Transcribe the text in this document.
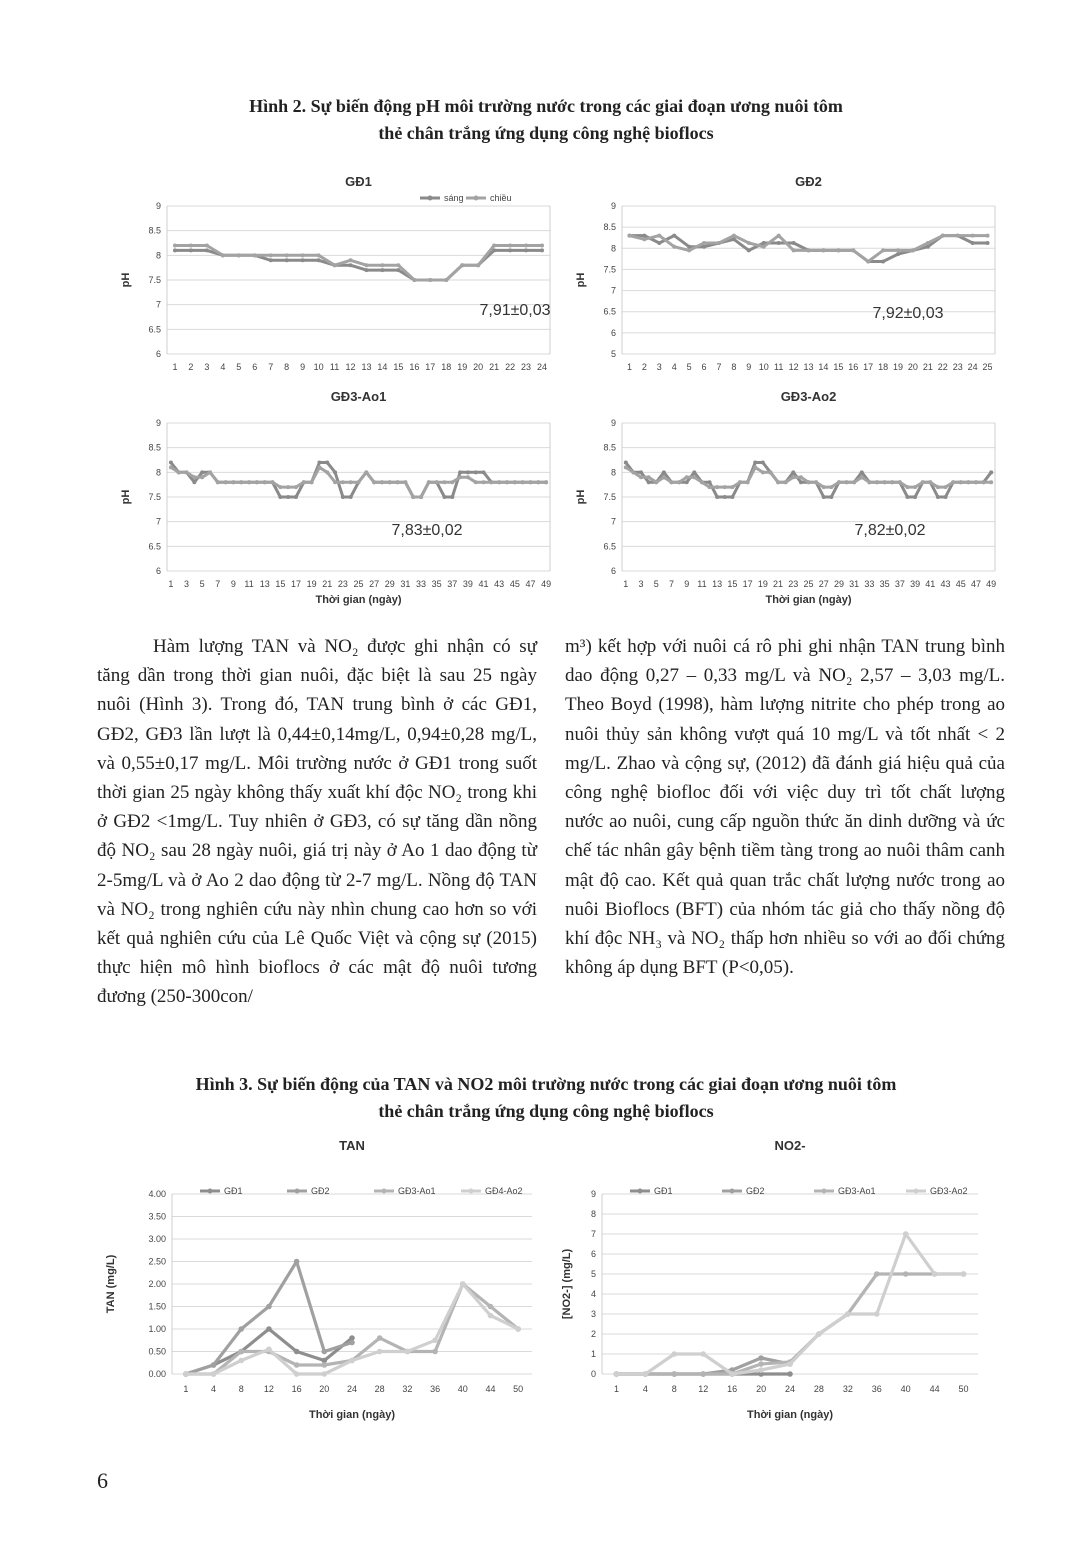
Hình 2. Sự biến động pH môi trường nước trong các giai đoạn ương nuôi tôm
thẻ chân trắng ứng dụng công nghệ bioflocs
GĐ1
9
8.5
8
7.5
7
6.5
6
1 2 3 4 5 6 7 8 9 10 11 12 13 14 15 16 17 18 19 20 21 22 23 24
pH
sáng	chiều
7,91±0,03
GĐ2
9
8.5
8
7.5
7
6.5
6
5
1 2 3 4 5 6 7 8 9 10 11 12 13 14 15 16 17 18 19 20 21 22 23 24 25
pH
7,92±0,03
GĐ3-Ao1
9
8.5
8
7.5
7
6.5
6
1 3 5 7 9 11 13 15 17 19 21 23 25 27 29 31 33 35 37 39 41 43 45 47 49
pH
Thời gian (ngày)
7,83±0,02
GĐ3-Ao2
9
8.5
8
7.5
7
6.5
6
1 3 5 7 9 11 13 15 17 19 21 23 25 27 29 31 33 35 37 39 41 43 45 47 49
pH
Thời gian (ngày)
7,82±0,02

Hàm lượng TAN và NO₂ được ghi nhận có sự tăng dần trong thời gian nuôi, đặc biệt là sau 25 ngày nuôi (Hình 3). Trong đó, TAN trung bình ở các GĐ1, GĐ2, GĐ3 lần lượt là 0,44±0,14mg/L, 0,94±0,28 mg/L, và 0,55±0,17 mg/L. Môi trường nước ở GĐ1 trong suốt thời gian 25 ngày không thấy xuất khí độc NO₂ trong khi ở GĐ2 <1mg/L. Tuy nhiên ở GĐ3, có sự tăng dần nồng độ NO₂ sau 28 ngày nuôi, giá trị này ở Ao 1 dao động từ 2-5mg/L và ở Ao 2 dao động từ 2-7 mg/L. Nồng độ TAN và NO₂ trong nghiên cứu này nhìn chung cao hơn so với kết quả nghiên cứu của Lê Quốc Việt và cộng sự (2015) thực hiện mô hình bioflocs ở các mật độ nuôi tương đương (250-300con/

m³) kết hợp với nuôi cá rô phi ghi nhận TAN trung bình dao động 0,27 – 0,33 mg/L và NO₂ 2,57 – 3,03 mg/L. Theo Boyd (1998), hàm lượng nitrite cho phép trong ao nuôi thủy sản không vượt quá 10 mg/L và tốt nhất < 2 mg/L. Zhao và cộng sự, (2012) đã đánh giá hiệu quả của công nghệ biofloc đối với việc duy trì tốt chất lượng nước ao nuôi, cung cấp nguồn thức ăn dinh dưỡng và ức chế tác nhân gây bệnh tiềm tàng trong ao nuôi thâm canh mật độ cao. Kết quả quan trắc chất lượng nước trong ao nuôi Bioflocs (BFT) của nhóm tác giả cho thấy nồng độ khí độc NH₃ và NO₂ thấp hơn nhiều so với ao đối chứng không áp dụng BFT (P<0,05).

Hình 3. Sự biến động của TAN và NO2 môi trường nước trong các giai đoạn ương nuôi tôm
thẻ chân trắng ứng dụng công nghệ bioflocs
TAN
4.00
3.50
3.00
2.50
2.00
1.50
1.00
0.50
0.00
1	4	8 12 16 20 24 28 32 36 40 44 50
TAN (mg/L)
Thời gian (ngày)
GĐ1	GĐ2	GĐ3-Ao1	GĐ4-Ao2
NO2-
9
8
7
6
5
4
3
2
1
0
1	4	8 12 16 20 24 28 32 36 40 44 50
[NO2-] (mg/L)
Thời gian (ngày)
GĐ1	GĐ2	GĐ3-Ao1	GĐ3-Ao2
6
